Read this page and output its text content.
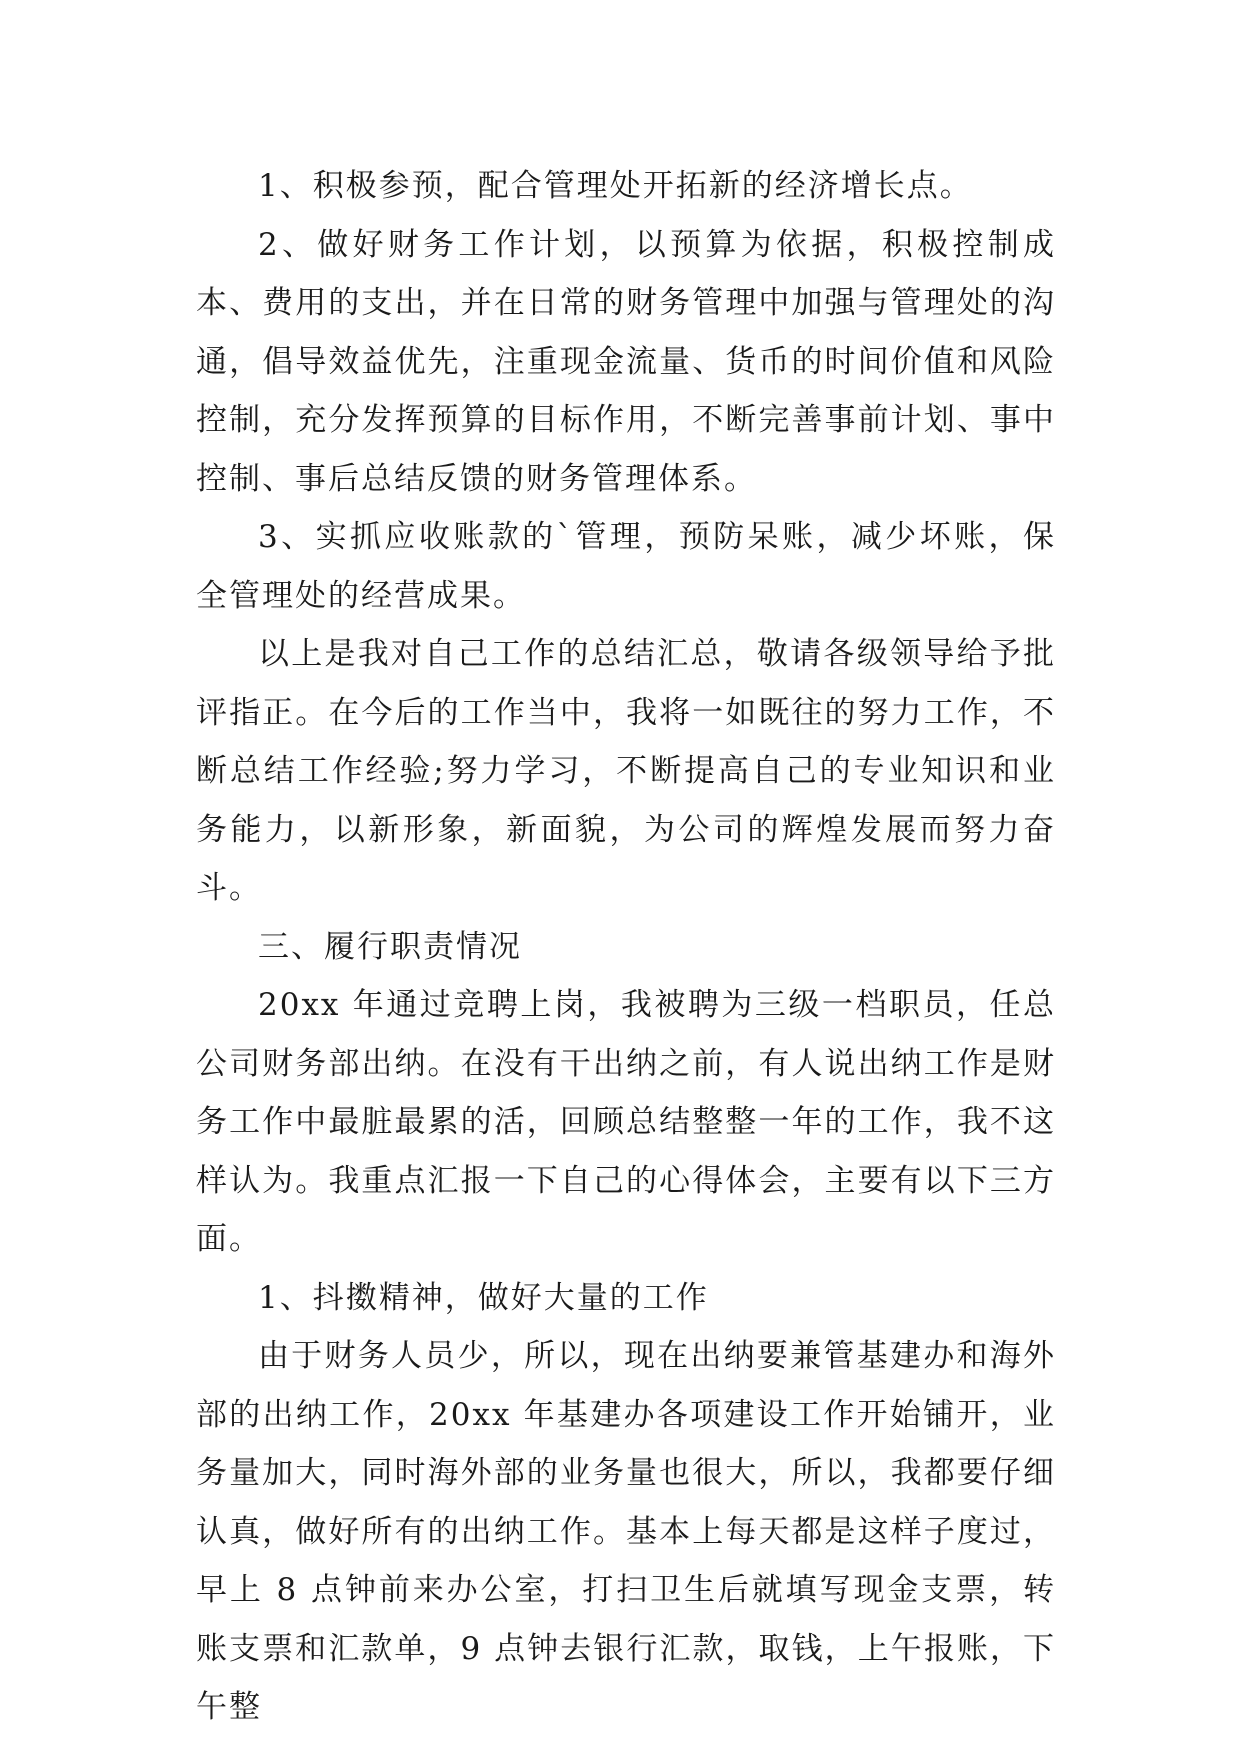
1、积极参预，配合管理处开拓新的经济增长点。

2、做好财务工作计划，以预算为依据，积极控制成本、费用的支出，并在日常的财务管理中加强与管理处的沟通，倡导效益优先，注重现金流量、货币的时间价值和风险控制，充分发挥预算的目标作用，不断完善事前计划、事中控制、事后总结反馈的财务管理体系。

3、实抓应收账款的`管理，预防呆账，减少坏账，保全管理处的经营成果。

以上是我对自己工作的总结汇总，敬请各级领导给予批评指正。在今后的工作当中，我将一如既往的努力工作，不断总结工作经验;努力学习，不断提高自己的专业知识和业务能力，以新形象，新面貌，为公司的辉煌发展而努力奋斗。

三、履行职责情况

20xx 年通过竞聘上岗，我被聘为三级一档职员，任总公司财务部出纳。在没有干出纳之前，有人说出纳工作是财务工作中最脏最累的活，回顾总结整整一年的工作，我不这样认为。我重点汇报一下自己的心得体会，主要有以下三方面。

1、抖擞精神，做好大量的工作

由于财务人员少，所以，现在出纳要兼管基建办和海外部的出纳工作，20xx 年基建办各项建设工作开始铺开，业务量加大，同时海外部的业务量也很大，所以，我都要仔细认真，做好所有的出纳工作。基本上每天都是这样子度过，早上 8 点钟前来办公室，打扫卫生后就填写现金支票，转账支票和汇款单，9 点钟去银行汇款，取钱，上午报账，下午整
